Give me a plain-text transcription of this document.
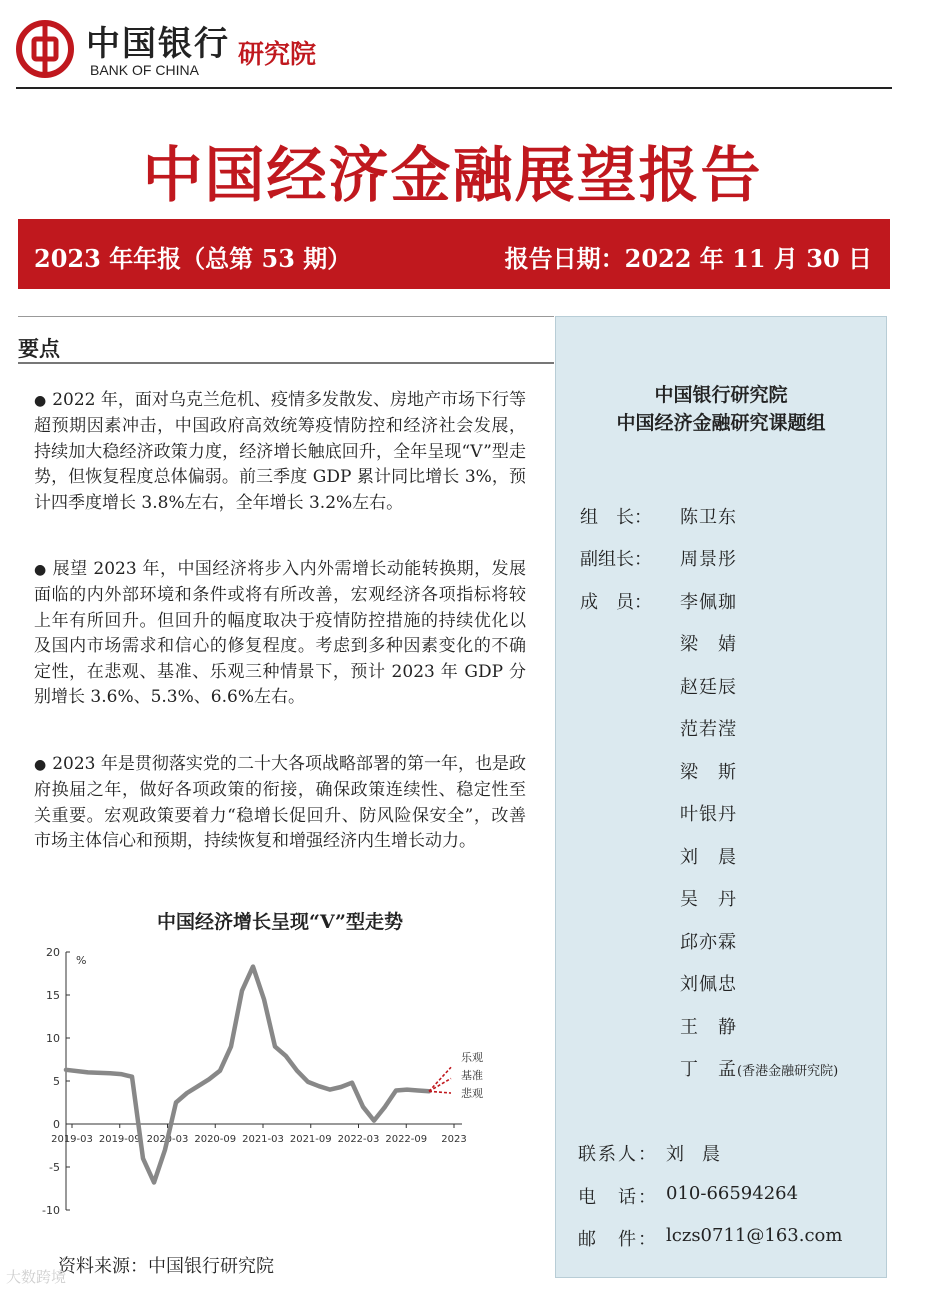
中国银行
BANK OF CHINA 研究院
中国经济金融展望报告
2023 年年报（总第 53 期）	报告日期：2022 年 11 月 30 日
要点
● 2022 年，面对乌克兰危机、疫情多发散发、房地产市场下行等超预期因素冲击，中国政府高效统筹疫情防控和经济社会发展，持续加大稳经济政策力度，经济增长触底回升，全年呈现“V”型走势，但恢复程度总体偏弱。前三季度 GDP 累计同比增长 3%，预计四季度增长 3.8%左右，全年增长 3.2%左右。
● 展望 2023 年，中国经济将步入内外需增长动能转换期，发展面临的内外部环境和条件或将有所改善，宏观经济各项指标将较上年有所回升。但回升的幅度取决于疫情防控措施的持续优化以及国内市场需求和信心的修复程度。考虑到多种因素变化的不确定性，在悲观、基准、乐观三种情景下，预计 2023 年 GDP 分别增长 3.6%、5.3%、6.6%左右。
● 2023 年是贯彻落实党的二十大各项战略部署的第一年，也是政府换届之年，做好各项政策的衔接，确保政策连续性、稳定性至关重要。宏观政策要着力“稳增长促回升、防风险保安全”，改善市场主体信心和预期，持续恢复和增强经济内生增长动力。
中国经济增长呈现“V”型走势
20
15
10
5
0
-5
-10
%
2019-03 2019-09 2020-03 2020-09 2021-03 2021-09 2022-03 2022-09 2023
乐观
基准
悲观
资料来源：中国银行研究院
中国银行研究院
中国经济金融研究课题组
组　长：	陈卫东
副组长：	周景彤
成　员：	李佩珈
梁　婧
赵廷辰
范若滢
梁　斯
叶银丹
刘　晨
吴　丹
邱亦霖
刘佩忠
王　静
丁　孟(香港金融研究院)
联系人： 刘　晨
电　话： 010-66594264
邮　件： lczs0711@163.com
大数跨境
